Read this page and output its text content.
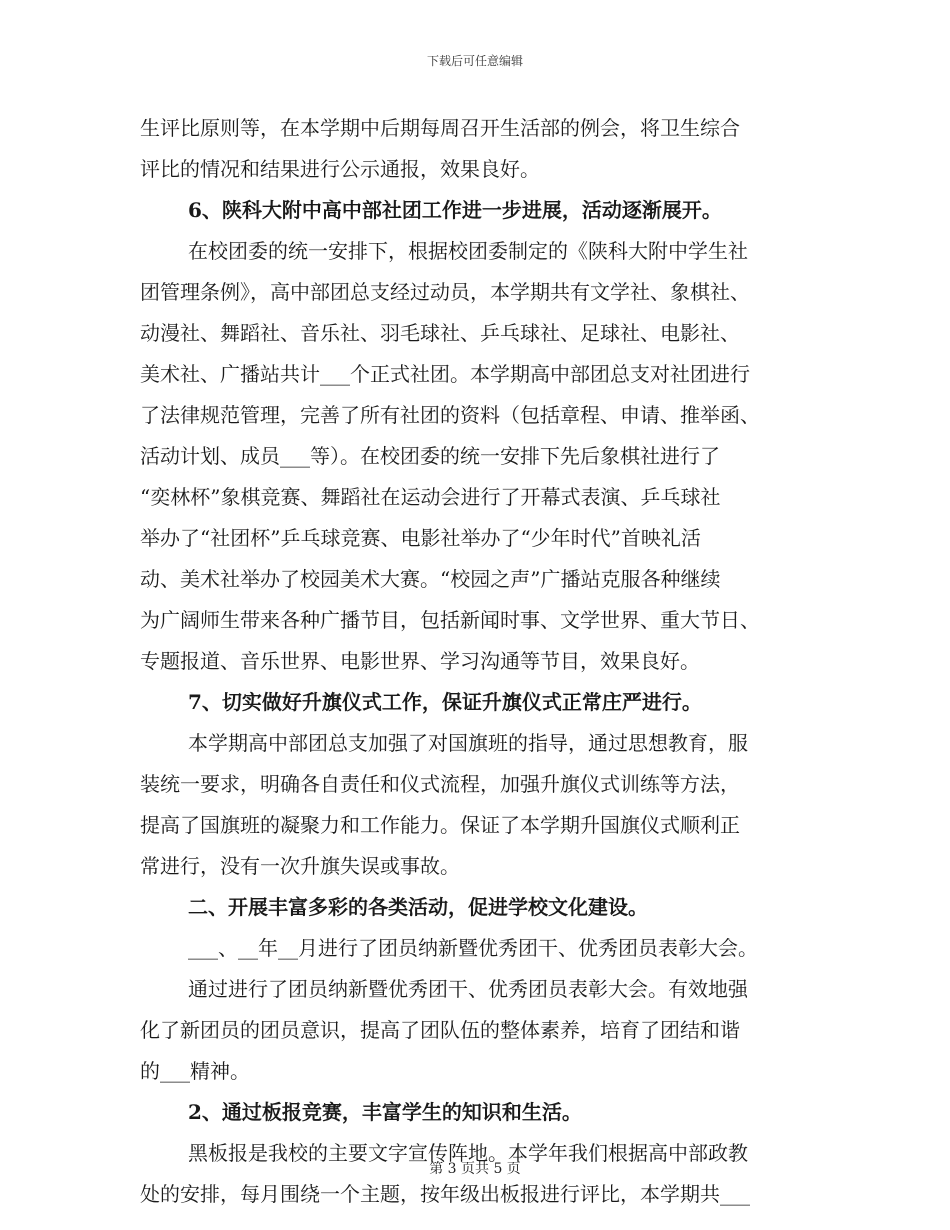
下载后可任意编辑

生评比原则等，在本学期中后期每周召开生活部的例会，将卫生综合

评比的情况和结果进行公示通报，效果良好。

6、陕科大附中高中部社团工作进一步进展，活动逐渐展开。

在校团委的统一安排下，根据校团委制定的《陕科大附中学生社

团管理条例》，高中部团总支经过动员，本学期共有文学社、象棋社、

动漫社、舞蹈社、音乐社、羽毛球社、乒乓球社、足球社、电影社、

美术社、广播站共计___个正式社团。本学期高中部团总支对社团进行

了法律规范管理，完善了所有社团的资料（包括章程、申请、推举函、

活动计划、成员___等）。在校团委的统一安排下先后象棋社进行了

“奕林杯”象棋竞赛、舞蹈社在运动会进行了开幕式表演、乒乓球社

举办了“社团杯”乒乓球竞赛、电影社举办了“少年时代”首映礼活

动、美术社举办了校园美术大赛。“校园之声”广播站克服各种继续

为广阔师生带来各种广播节目，包括新闻时事、文学世界、重大节日、

专题报道、音乐世界、电影世界、学习沟通等节目，效果良好。

7、切实做好升旗仪式工作，保证升旗仪式正常庄严进行。

本学期高中部团总支加强了对国旗班的指导，通过思想教育，服

装统一要求，明确各自责任和仪式流程，加强升旗仪式训练等方法，

提高了国旗班的凝聚力和工作能力。保证了本学期升国旗仪式顺利正

常进行，没有一次升旗失误或事故。

二、开展丰富多彩的各类活动，促进学校文化建设。

___、__年__月进行了团员纳新暨优秀团干、优秀团员表彰大会。

通过进行了团员纳新暨优秀团干、优秀团员表彰大会。有效地强

化了新团员的团员意识，提高了团队伍的整体素养，培育了团结和谐

的___精神。

2、通过板报竞赛，丰富学生的知识和生活。

黑板报是我校的主要文字宣传阵地。本学年我们根据高中部政教

处的安排，每月围绕一个主题，按年级出板报进行评比，本学期共___

第 3 页共 5 页
